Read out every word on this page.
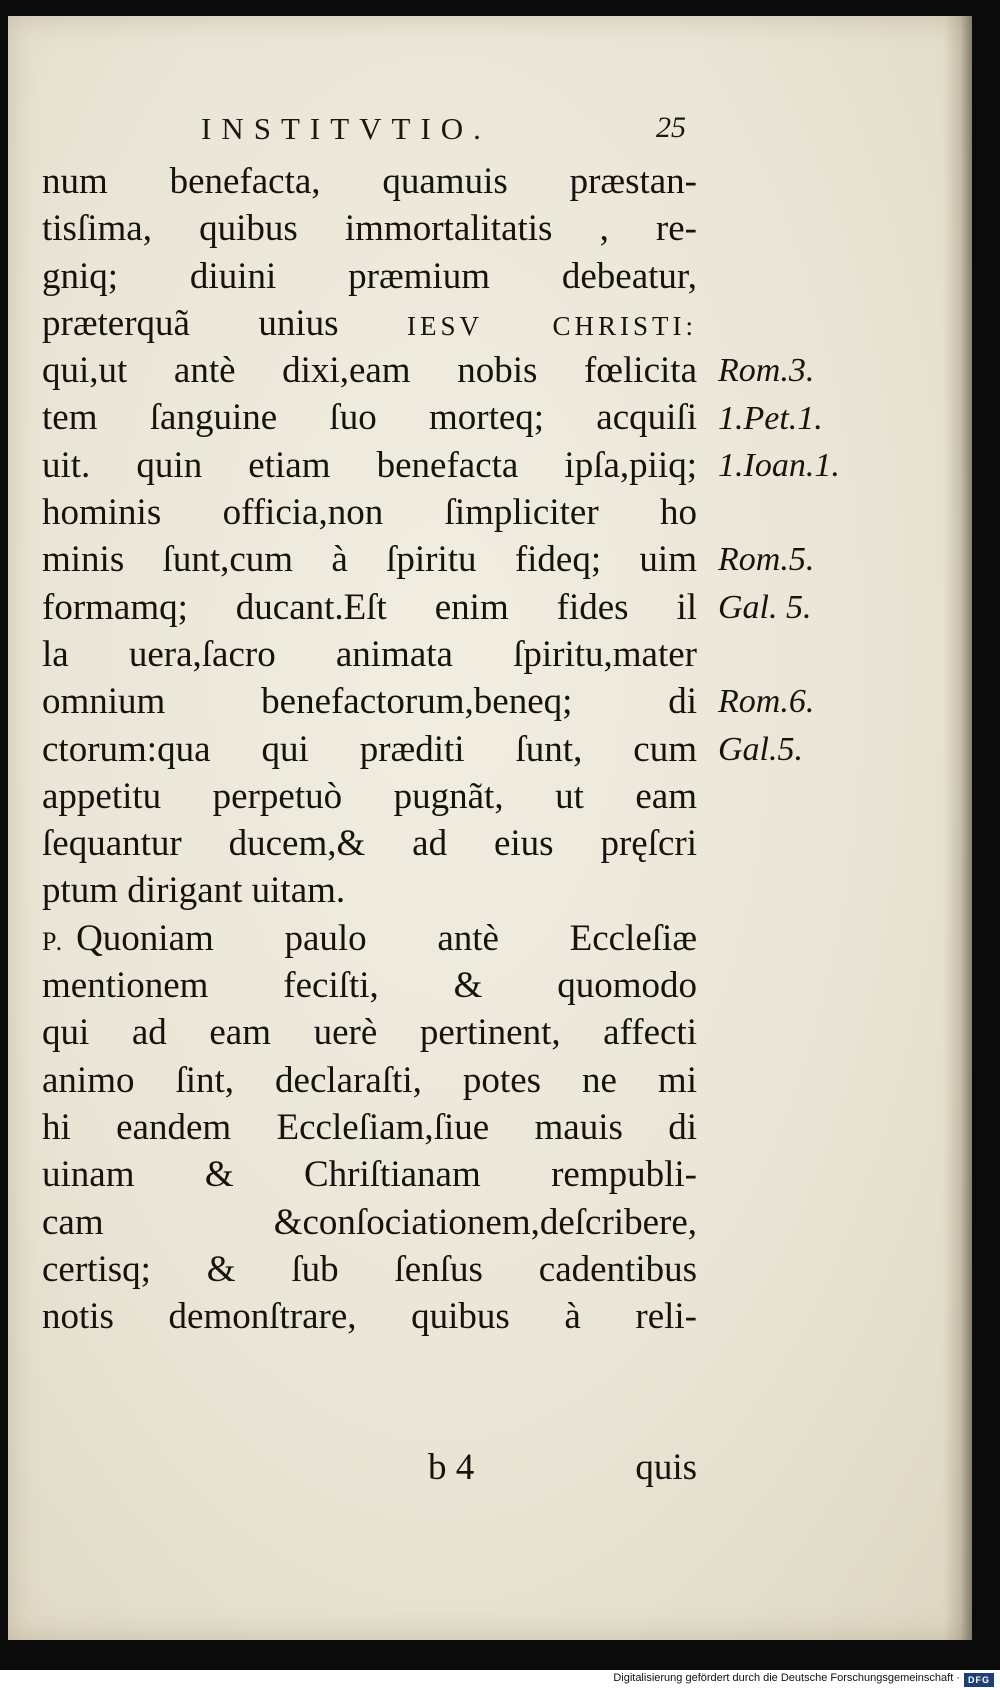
INSTITVTIO.	25
num benefacta, quamuis præstan-
tisſima, quibus immortalitatis , re-
gniq; diuini præmium debeatur,
præterquã unius IESV CHRISTI:
qui,ut antè dixi,eam nobis fœlicita
tem ſanguine ſuo morteq; acquiſi
uit. quin etiam benefacta ipſa,piiq;
hominis officia,non ſimpliciter ho
minis ſunt,cum à ſpiritu fideq; uim
formamq; ducant.Eſt enim fides il
la uera,ſacro animata ſpiritu,mater
omnium benefactorum,beneq; di
ctorum:qua qui præditi ſunt, cum
appetitu perpetuò pugnãt, ut eam
ſequantur ducem,& ad eius pręſcri
ptum dirigant uitam.
P. Quoniam paulo antè Eccleſiæ
mentionem feciſti, & quomodo
qui ad eam uerè pertinent, affecti
animo ſint, declaraſti, potes ne mi
hi eandem Eccleſiam,ſiue mauis di
uinam & Chriſtianam rempubli-
cam &conſociationem,deſcribere,
certisq; & ſub ſenſus cadentibus
notis demonſtrare, quibus à reli-
b 4	quis
Rom.3.
1.Pet.1.
1.Ioan.1.
Rom.5.
Gal. 5.
Rom.6.
Gal.5.
Digitalisierung gefördert durch die Deutsche Forschungsgemeinschaft · DFG
